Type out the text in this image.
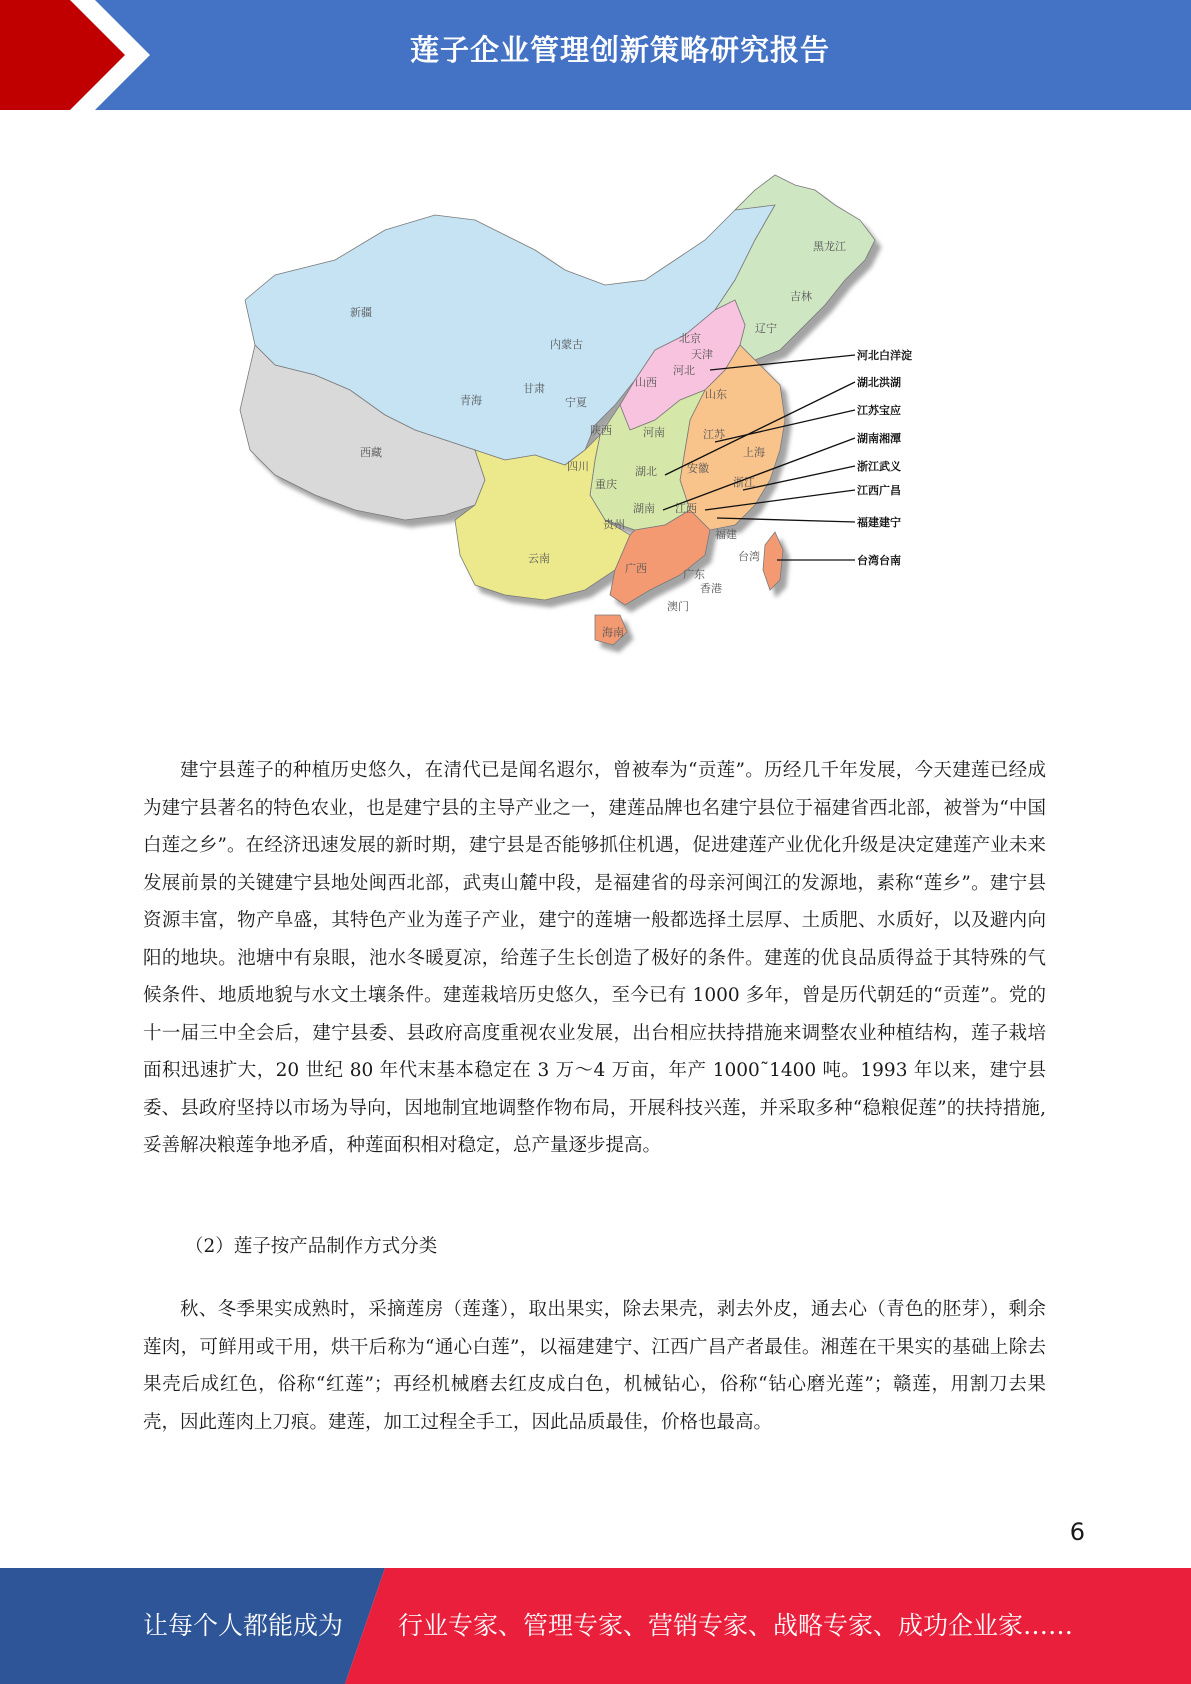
莲子企业管理创新策略研究报告
新疆
西藏
青海
内蒙古
甘肃
宁夏
陕西
山西
河北
北京
天津
黑龙江
吉林
辽宁
山东
河南	江苏
安徽
湖北
湖南 江西
浙江
上海
福建
四川
重庆
贵州
云南
广西	广东
香港
澳门
海南
台湾
河北白洋淀
湖北洪湖
江苏宝应
湖南湘潭
浙江武义
江西广昌
福建建宁
台湾台南
建宁县莲子的种植历史悠久，在清代已是闻名遐尔，曾被奉为“贡莲”。历经几千年发展，今天建莲已经成为建宁县著名的特色农业，也是建宁县的主导产业之一，建莲品牌也名建宁县位于福建省西北部，被誉为“中国白莲之乡”。在经济迅速发展的新时期，建宁县是否能够抓住机遇，促进建莲产业优化升级是决定建莲产业未来发展前景的关键建宁县地处闽西北部，武夷山麓中段，是福建省的母亲河闽江的发源地，素称“莲乡”。建宁县资源丰富，物产阜盛，其特色产业为莲子产业，建宁的莲塘一般都选择土层厚、土质肥、水质好，以及避内向阳的地块。池塘中有泉眼，池水冬暖夏凉，给莲子生长创造了极好的条件。建莲的优良品质得益于其特殊的气候条件、地质地貌与水文土壤条件。建莲栽培历史悠久，至今已有 1000 多年，曾是历代朝廷的“贡莲”。党的十一届三中全会后，建宁县委、县政府高度重视农业发展，出台相应扶持措施来调整农业种植结构，莲子栽培面积迅速扩大，20 世纪 80 年代末基本稳定在 3 万～4 万亩，年产 1000˜1400 吨。1993 年以来，建宁县委、县政府坚持以市场为导向，因地制宜地调整作物布局，开展科技兴莲，并采取多种“稳粮促莲”的扶持措施,妥善解决粮莲争地矛盾，种莲面积相对稳定，总产量逐步提高。
（2）莲子按产品制作方式分类
秋、冬季果实成熟时，采摘莲房（莲蓬），取出果实，除去果壳，剥去外皮，通去心（青色的胚芽），剩余莲肉，可鲜用或干用，烘干后称为“通心白莲”，以福建建宁、江西广昌产者最佳。湘莲在干果实的基础上除去果壳后成红色，俗称“红莲”；再经机械磨去红皮成白色，机械钻心，俗称“钻心磨光莲”；赣莲，用割刀去果壳，因此莲肉上刀痕。建莲，加工过程全手工，因此品质最佳，价格也最高。
6
让每个人都能成为 行业专家、管理专家、营销专家、战略专家、成功企业家……
